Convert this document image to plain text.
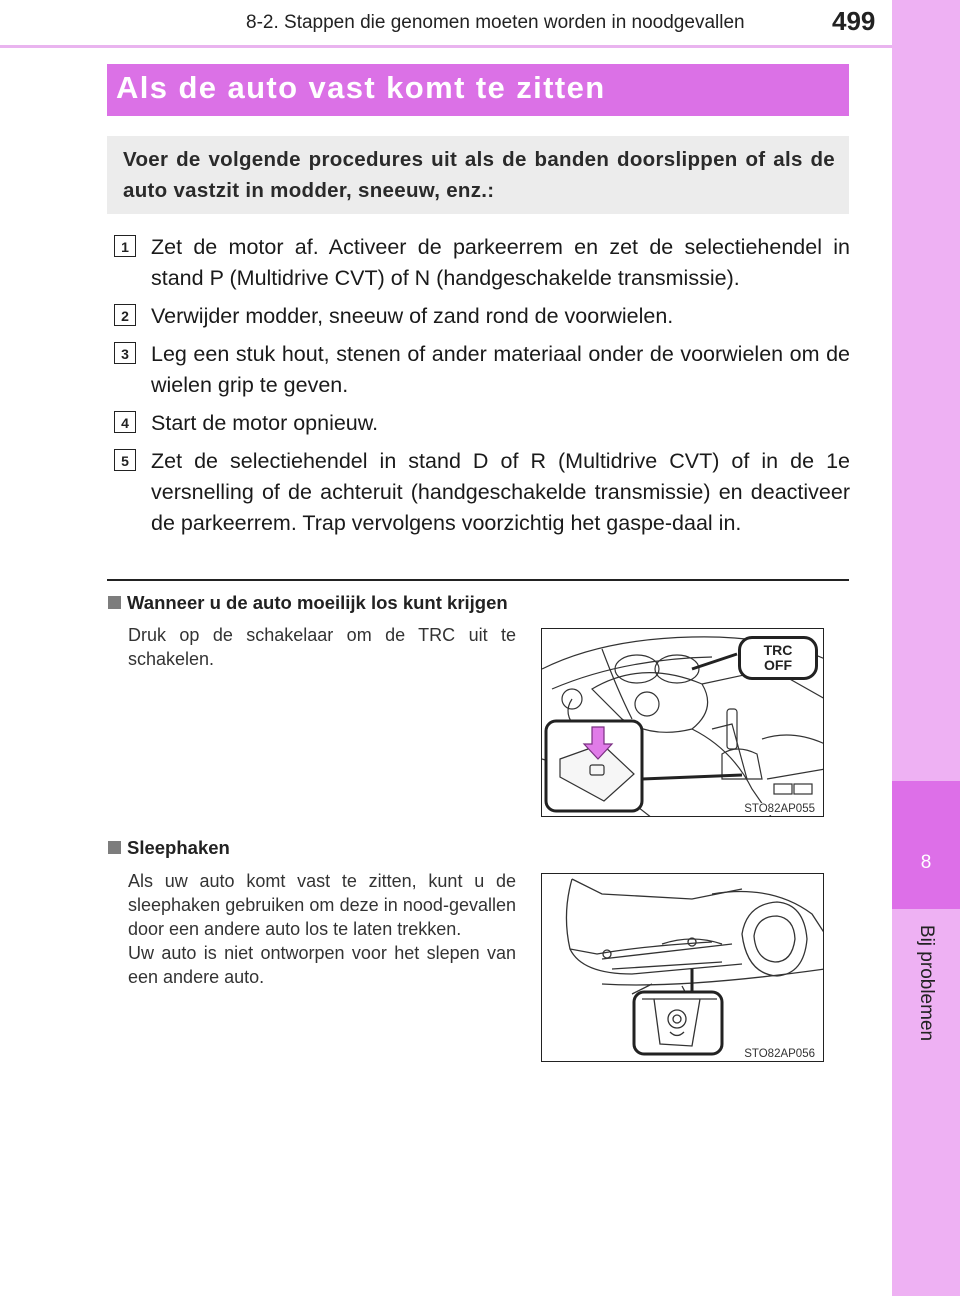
8-2. Stappen die genomen moeten worden in noodgevallen	499
8
Bij problemen
Als de auto vast komt te zitten
Voer de volgende procedures uit als de banden doorslippen of als de auto vastzit in modder, sneeuw, enz.:
1	Zet de motor af. Activeer de parkeerrem en zet de selectiehendel in stand P (Multidrive CVT) of N (handgeschakelde transmissie).
2	Verwijder modder, sneeuw of zand rond de voorwielen.
3	Leg een stuk hout, stenen of ander materiaal onder de voorwielen om de wielen grip te geven.
4	Start de motor opnieuw.
5	Zet de selectiehendel in stand D of R (Multidrive CVT) of in de 1e versnelling of de achteruit (handgeschakelde transmissie) en deactiveer de parkeerrem. Trap vervolgens voorzichtig het gaspe-daal in.
Wanneer u de auto moeilijk los kunt krijgen

Druk op de schakelaar om de TRC uit te schakelen.	TRC
OFF
STO82AP055
Sleephaken

Als uw auto komt vast te zitten, kunt u de sleephaken gebruiken om deze in nood-gevallen door een andere auto los te laten trekken.

Uw auto is niet ontworpen voor het slepen van een andere auto.

STO82AP056
